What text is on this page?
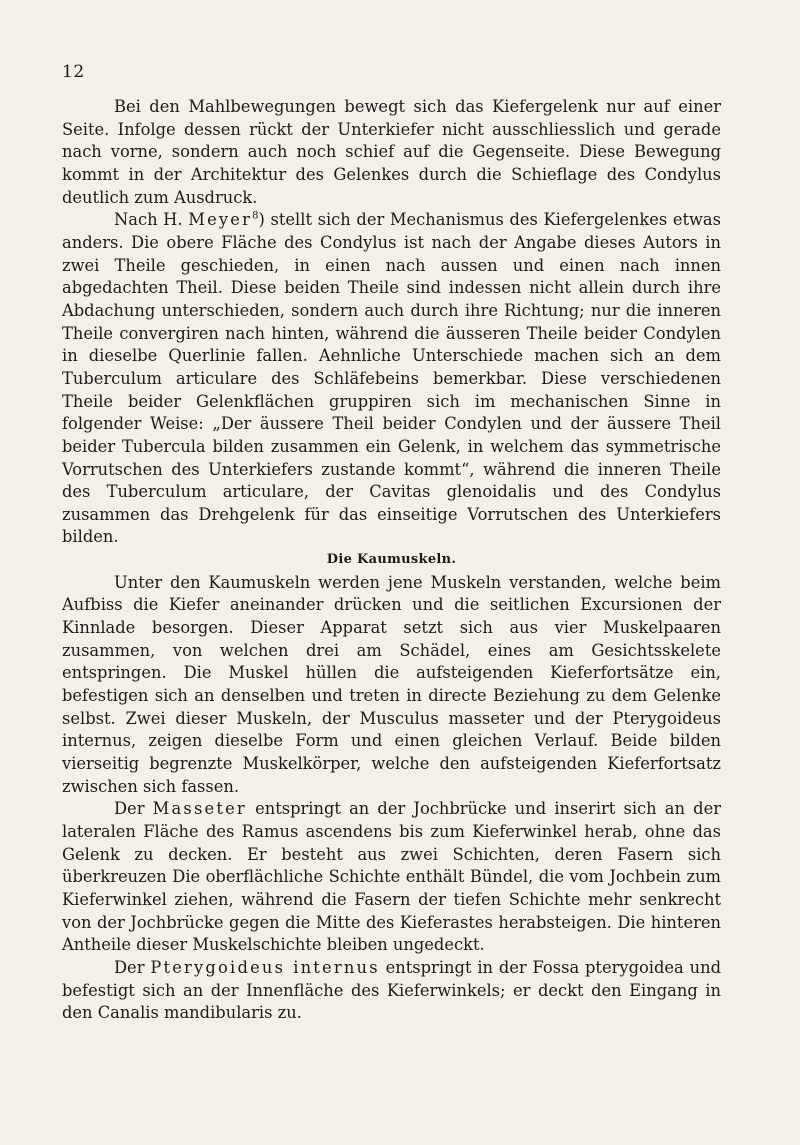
12

Bei den Mahlbewegungen bewegt sich das Kiefergelenk nur auf einer Seite. Infolge dessen rückt der Unterkiefer nicht ausschliesslich und gerade nach vorne, sondern auch noch schief auf die Gegenseite. Diese Bewegung kommt in der Architektur des Gelenkes durch die Schieflage des Condylus deutlich zum Ausdruck.

Nach H. Meyer$^8$) stellt sich der Mechanismus des Kiefergelenkes etwas anders. Die obere Fläche des Condylus ist nach der Angabe dieses Autors in zwei Theile geschieden, in einen nach aussen und einen nach innen abgedachten Theil. Diese beiden Theile sind indessen nicht allein durch ihre Abdachung unterschieden, sondern auch durch ihre Richtung; nur die inneren Theile convergiren nach hinten, während die äusseren Theile beider Condylen in dieselbe Querlinie fallen. Aehnliche Unterschiede machen sich an dem Tuberculum articulare des Schläfebeins bemerkbar. Diese verschiedenen Theile beider Gelenkflächen gruppiren sich im mechanischen Sinne in folgender Weise: „Der äussere Theil beider Condylen und der äussere Theil beider Tubercula bilden zusammen ein Gelenk, in welchem das symmetrische Vorrutschen des Unterkiefers zustande kommt“, während die inneren Theile des Tuberculum articulare, der Cavitas glenoidalis und des Condylus zusammen das Drehgelenk für das einseitige Vorrutschen des Unterkiefers bilden.

Die Kaumuskeln.

Unter den Kaumuskeln werden jene Muskeln verstanden, welche beim Aufbiss die Kiefer aneinander drücken und die seitlichen Excursionen der Kinnlade besorgen. Dieser Apparat setzt sich aus vier Muskelpaaren zusammen, von welchen drei am Schädel, eines am Gesichtsskelete entspringen. Die Muskel hüllen die aufsteigenden Kieferfortsätze ein, befestigen sich an denselben und treten in directe Beziehung zu dem Gelenke selbst. Zwei dieser Muskeln, der Musculus masseter und der Pterygoideus internus, zeigen dieselbe Form und einen gleichen Verlauf. Beide bilden vierseitig begrenzte Muskelkörper, welche den aufsteigenden Kieferfortsatz zwischen sich fassen.

Der Masseter entspringt an der Jochbrücke und inserirt sich an der lateralen Fläche des Ramus ascendens bis zum Kieferwinkel herab, ohne das Gelenk zu decken. Er besteht aus zwei Schichten, deren Fasern sich überkreuzen Die oberflächliche Schichte enthält Bündel, die vom Jochbein zum Kieferwinkel ziehen, während die Fasern der tiefen Schichte mehr senkrecht von der Jochbrücke gegen die Mitte des Kieferastes herabsteigen. Die hinteren Antheile dieser Muskelschichte bleiben ungedeckt.

Der Pterygoideus internus entspringt in der Fossa pterygoidea und befestigt sich an der Innenfläche des Kieferwinkels; er deckt den Eingang in den Canalis mandibularis zu.
